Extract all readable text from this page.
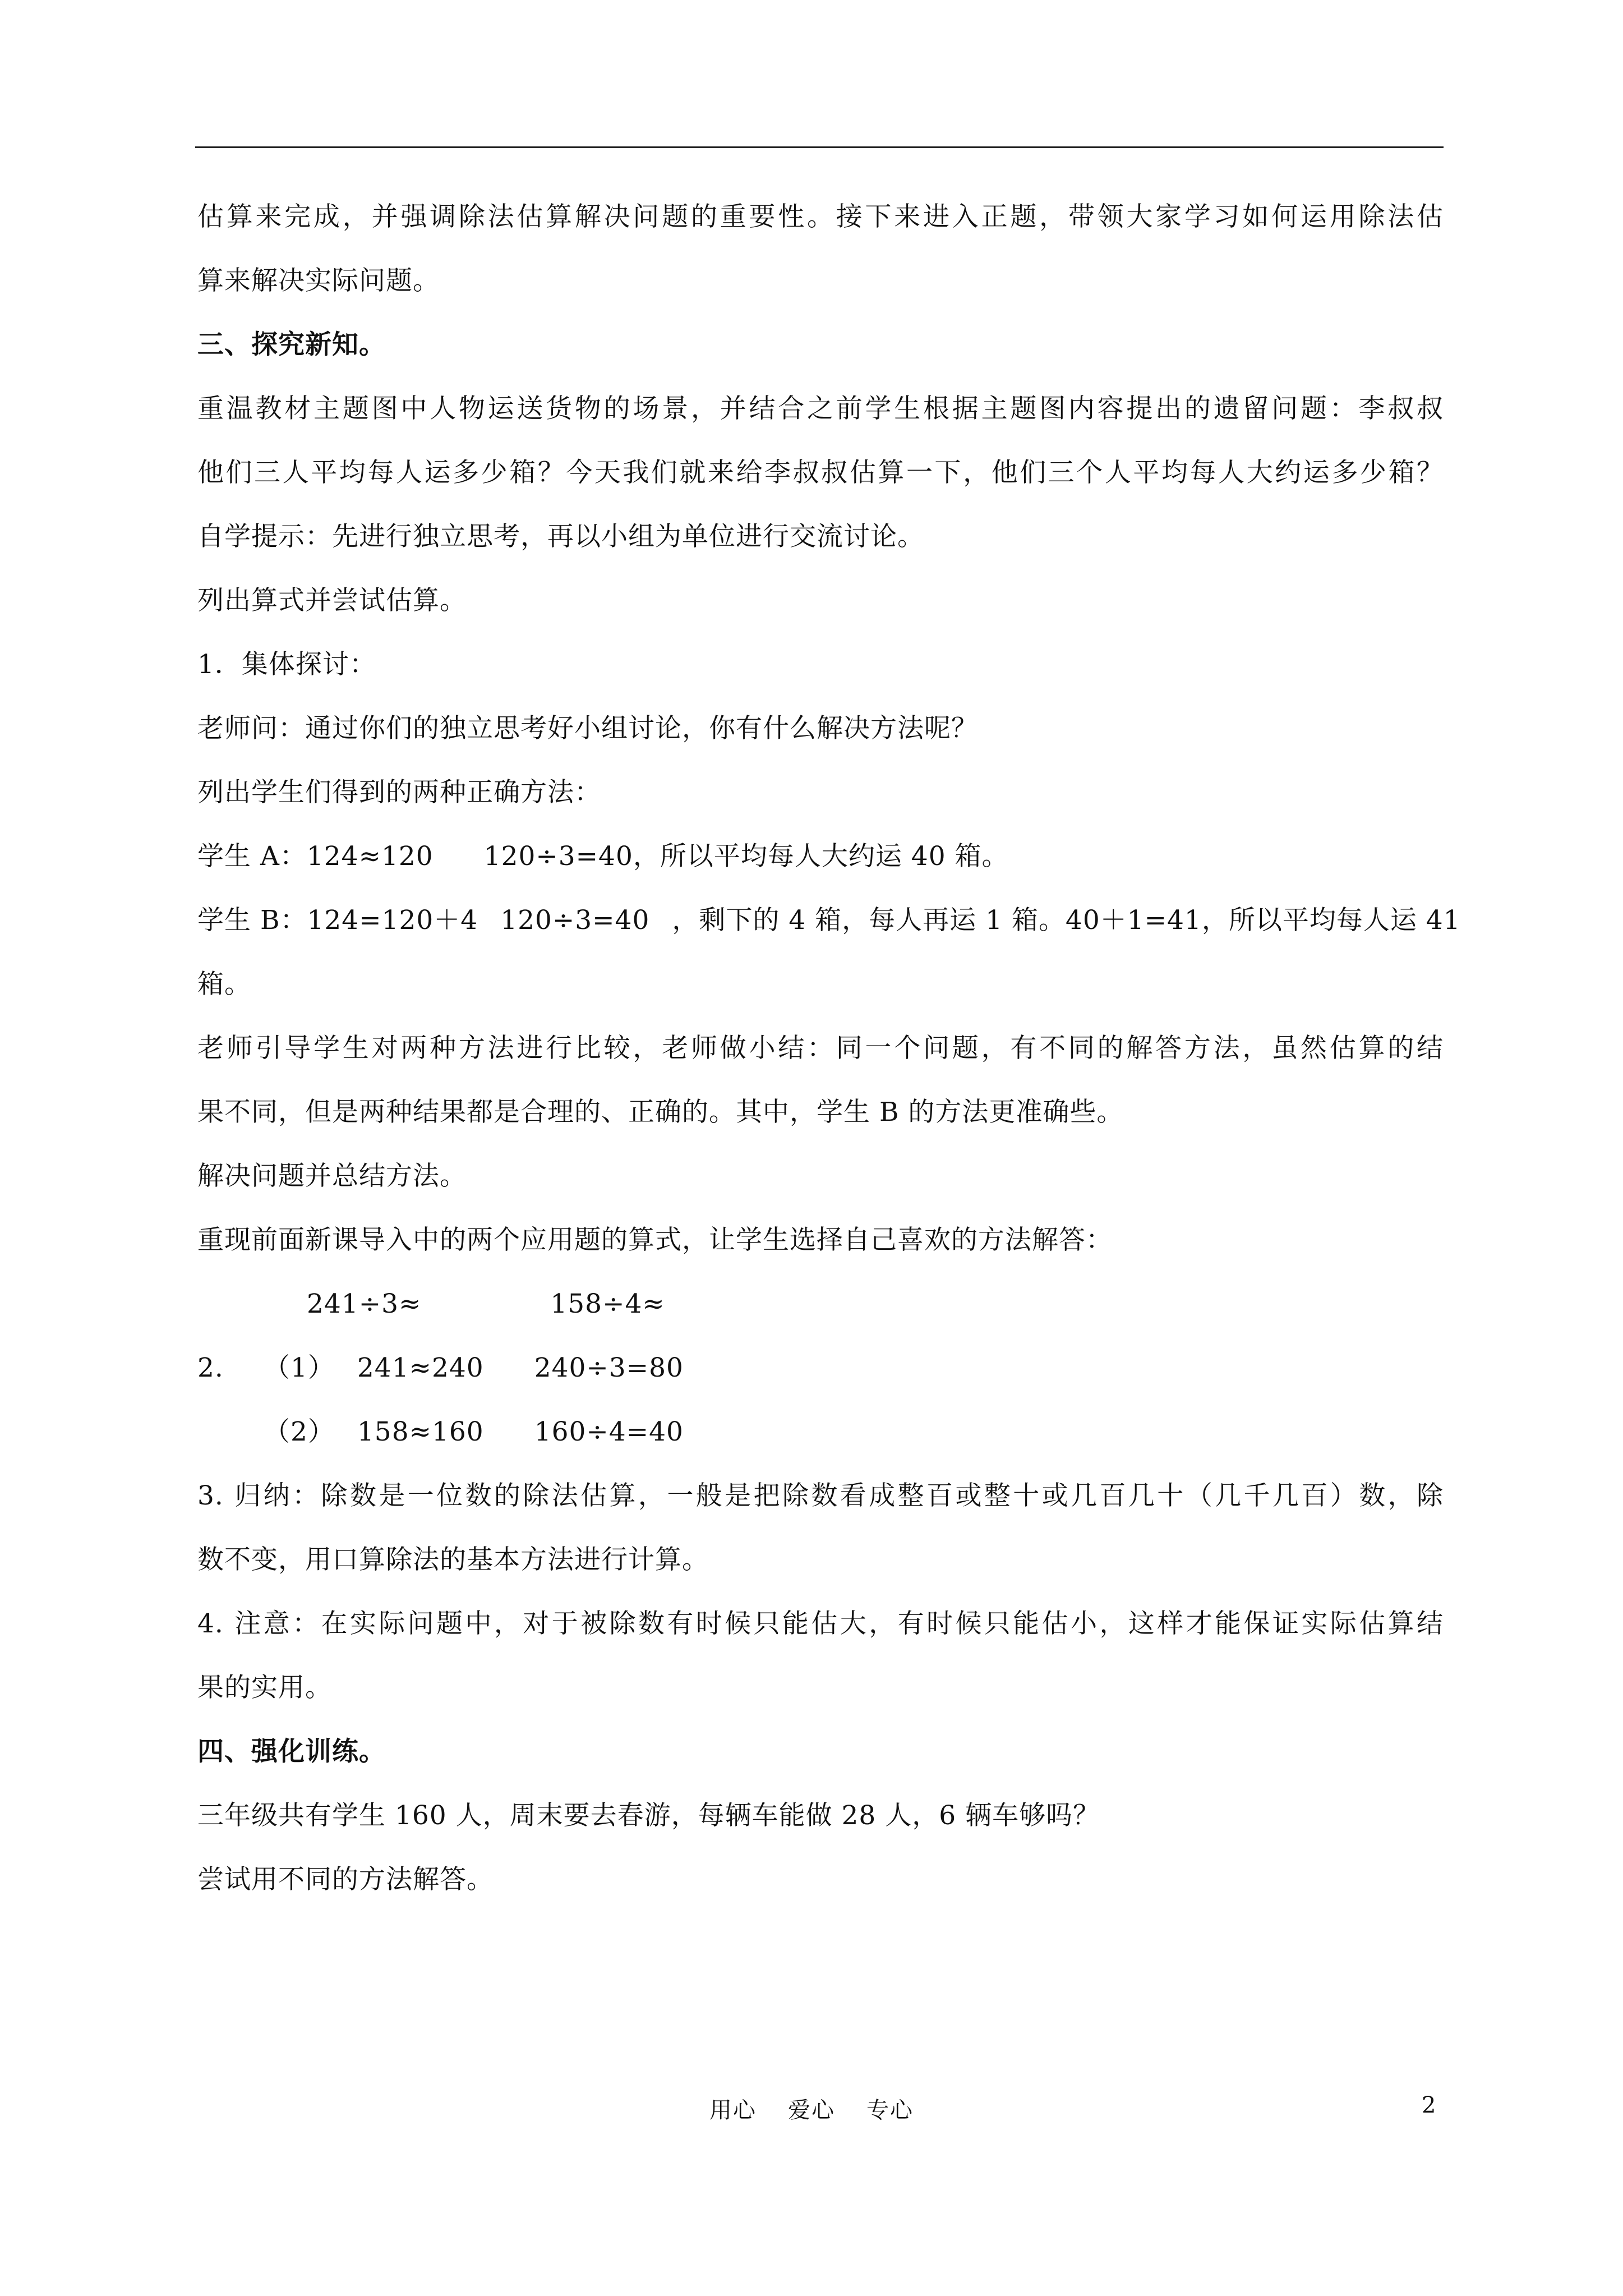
估算来完成，并强调除法估算解决问题的重要性。接下来进入正题，带领大家学习如何运用除法估
算来解决实际问题。
三、探究新知。
重温教材主题图中人物运送货物的场景，并结合之前学生根据主题图内容提出的遗留问题：李叔叔
他们三人平均每人运多少箱？今天我们就来给李叔叔估算一下，他们三个人平均每人大约运多少箱？
自学提示：先进行独立思考，再以小组为单位进行交流讨论。
列出算式并尝试估算。
1．集体探讨：
老师问：通过你们的独立思考好小组讨论，你有什么解决方法呢？
列出学生们得到的两种正确方法：
学生 A：124≈120 120÷3=40，所以平均每人大约运 40 箱。
学生 B：124=120＋4 120÷3=40 ，剩下的 4 箱，每人再运 1 箱。40＋1=41，所以平均每人运 41
箱。
老师引导学生对两种方法进行比较，老师做小结：同一个问题，有不同的解答方法，虽然估算的结
果不同，但是两种结果都是合理的、正确的。其中，学生 B 的方法更准确些。
解决问题并总结方法。
重现前面新课导入中的两个应用题的算式，让学生选择自己喜欢的方法解答：
241÷3≈	158÷4≈
2. （1） 241≈240 240÷3=80
（2） 158≈160 160÷4=40
3. 归纳：除数是一位数的除法估算，一般是把除数看成整百或整十或几百几十（几千几百）数，除
数不变，用口算除法的基本方法进行计算。
4. 注意：在实际问题中，对于被除数有时候只能估大，有时候只能估小，这样才能保证实际估算结
果的实用。
四、强化训练。
三年级共有学生 160 人，周末要去春游，每辆车能做 28 人，6 辆车够吗？
尝试用不同的方法解答。
用心 爱心 专心	2
